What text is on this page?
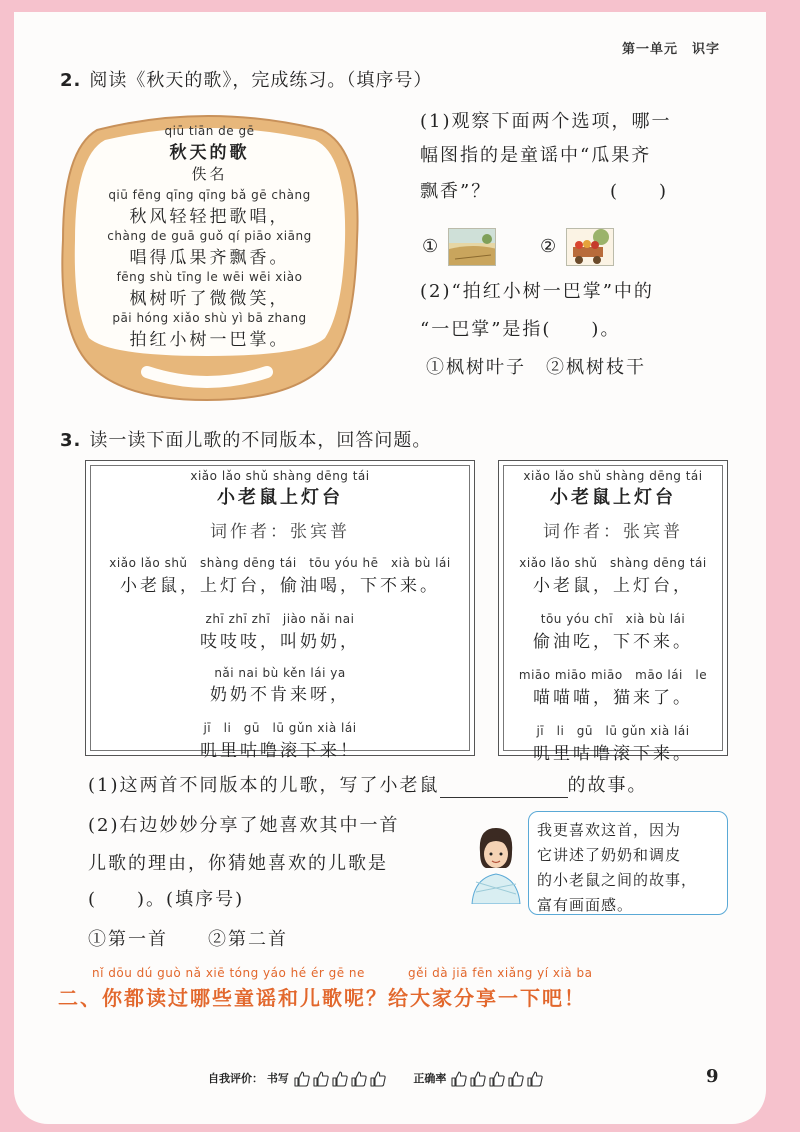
第一单元　识字
2. 阅读《秋天的歌》，完成练习。（填序号）
qiū tiān de gē
秋天的歌
佚名
qiū fēng qīng qīng bǎ gē chàng
秋风轻轻把歌唱，
chàng de guā guǒ qí piāo xiāng
唱得瓜果齐飘香。
fēng shù tīng le wēi wēi xiào
枫树听了微微笑，
pāi hóng xiǎo shù yì bā zhang
拍红小树一巴掌。
(1)观察下面两个选项，哪一
幅图指的是童谣中“瓜果齐
飘香”？	(　　)
①	②
(2)“拍红小树一巴掌”中的
“一巴掌”是指(　　)。
①枫树叶子　②枫树枝干
3. 读一读下面儿歌的不同版本，回答问题。
xiǎo lǎo shǔ shàng dēng tái
小老鼠上灯台
词作者：张宾普
xiǎo lǎo shǔ　shàng dēng tái　tōu yóu hē　xià bù lái
小老鼠，上灯台，偷油喝，下不来。
zhī zhī zhī　jiào nǎi nai
吱吱吱，叫奶奶，
nǎi nai bù kěn lái ya
奶奶不肯来呀，
jī　li　gū　lū gǔn xià lái
叽里咕噜滚下来！
xiǎo lǎo shǔ shàng dēng tái
小老鼠上灯台
词作者：张宾普
xiǎo lǎo shǔ　shàng dēng tái
小老鼠，上灯台，
tōu yóu chī　xià bù lái
偷油吃，下不来。
miāo miāo miāo　māo lái　le
喵喵喵，猫来了。
jī　li　gū　lū gǔn xià lái
叽里咕噜滚下来。
(1)这两首不同版本的儿歌，写了小老鼠	的故事。
(2)右边妙妙分享了她喜欢其中一首
儿歌的理由，你猜她喜欢的儿歌是
(　　)。(填序号)
①第一首　　②第二首
我更喜欢这首，因为
它讲述了奶奶和调皮
的小老鼠之间的故事，
富有画面感。
nǐ dōu dú guò nǎ xiē tóng yáo hé ér gē ne	gěi dà jiā fēn xiǎng yí xià ba
二、你都读过哪些童谣和儿歌呢？给大家分享一下吧！
自我评价： 书写	正确率	9
